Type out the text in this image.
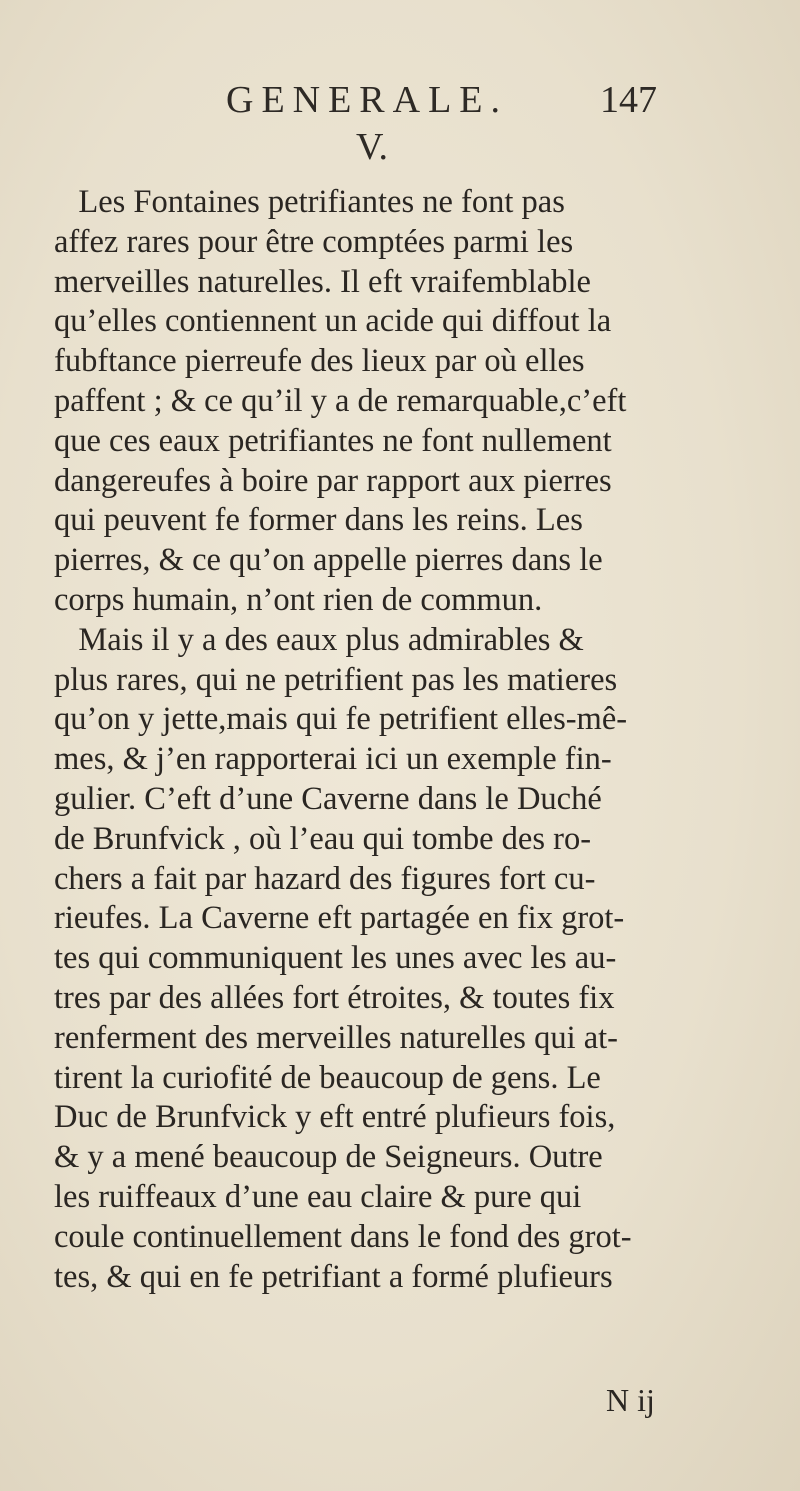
GENERALE. 147
V.
Les Fontaines petrifiantes ne font pas
affez rares pour être comptées parmi les
merveilles naturelles. Il eft vraifemblable
qu’elles contiennent un acide qui diffout la
fubftance pierreufe des lieux par où elles
paffent ; & ce qu’il y a de remarquable,c’eft
que ces eaux petrifiantes ne font nullement
dangereufes à boire par rapport aux pierres
qui peuvent fe former dans les reins. Les
pierres, & ce qu’on appelle pierres dans le
corps humain, n’ont rien de commun.
Mais il y a des eaux plus admirables &
plus rares, qui ne petrifient pas les matieres
qu’on y jette,mais qui fe petrifient elles-mê-
mes, & j’en rapporterai ici un exemple fin-
gulier. C’eft d’une Caverne dans le Duché
de Brunfvick , où l’eau qui tombe des ro-
chers a fait par hazard des figures fort cu-
rieufes. La Caverne eft partagée en fix grot-
tes qui communiquent les unes avec les au-
tres par des allées fort étroites, & toutes fix
renferment des merveilles naturelles qui at-
tirent la curiofité de beaucoup de gens. Le
Duc de Brunfvick y eft entré plufieurs fois,
& y a mené beaucoup de Seigneurs. Outre
les ruiffeaux d’une eau claire & pure qui
coule continuellement dans le fond des grot-
tes, & qui en fe petrifiant a formé plufieurs
N ij
